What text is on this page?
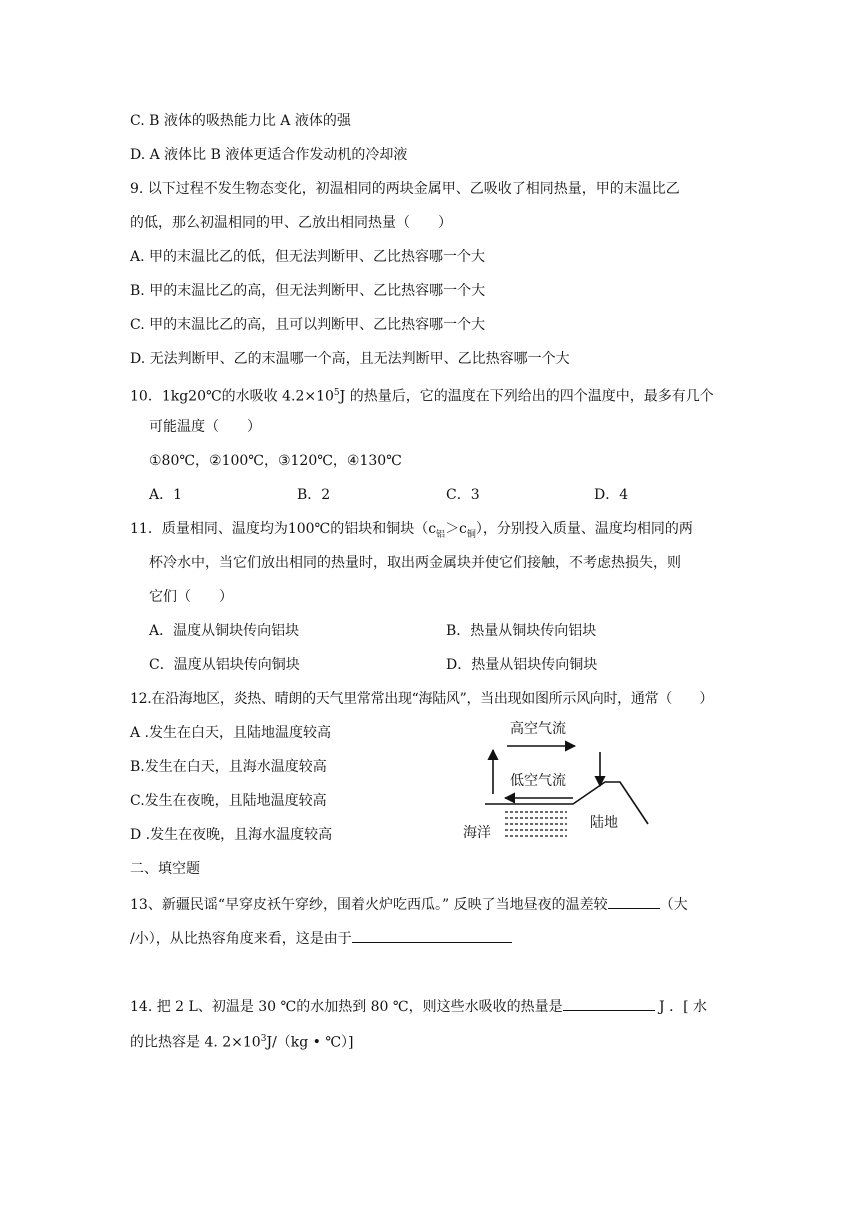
C. B 液体的吸热能力比 A 液体的强
D. A 液体比 B 液体更适合作发动机的冷却液
9. 以下过程不发生物态变化，初温相同的两块金属甲、乙吸收了相同热量，甲的末温比乙
的低，那么初温相同的甲、乙放出相同热量（　　）
A. 甲的末温比乙的低，但无法判断甲、乙比热容哪一个大
B. 甲的末温比乙的高，但无法判断甲、乙比热容哪一个大
C. 甲的末温比乙的高，且可以判断甲、乙比热容哪一个大
D. 无法判断甲、乙的末温哪一个高，且无法判断甲、乙比热容哪一个大
10．1kg20℃的水吸收 $4.2\times 10^5J$ 的热量后，它的温度在下列给出的四个温度中，最多有几个
可能温度（　　）
①80℃，②100℃，③120℃，④130℃
A．1	B．2	C．3	D．4
11．质量相同、温度均为100℃的铝块和铜块$(c_铝>c_铜)$，分别投入质量、温度均相同的两
杯冷水中，当它们放出相同的热量时，取出两金属块并使它们接触，不考虑热损失，则
它们（　　）
A．温度从铜块传向铝块	B．热量从铜块传向铝块
C．温度从铝块传向铜块	D．热量从铝块传向铜块
12.在沿海地区，炎热、晴朗的天气里常常出现“海陆风”，当出现如图所示风向时，通常（　　）
A .发生在白天，且陆地温度较高
B.发生在白天，且海水温度较高
C.发生在夜晚，且陆地温度较高
D .发生在夜晚，且海水温度较高
高空气流
低空气流
海洋
陆地
二、填空题
13、新疆民谣“早穿皮袄午穿纱，围着火炉吃西瓜。” 反映了当地昼夜的温差较	（大
/小），从比热容角度来看，这是由于
14. 把 2 L、初温是 30 ℃的水加热到 80 ℃，则这些水吸收的热量是	J ．[ 水
的比热容是 4. $2\times 10^3J/(kg$ • ℃）]
